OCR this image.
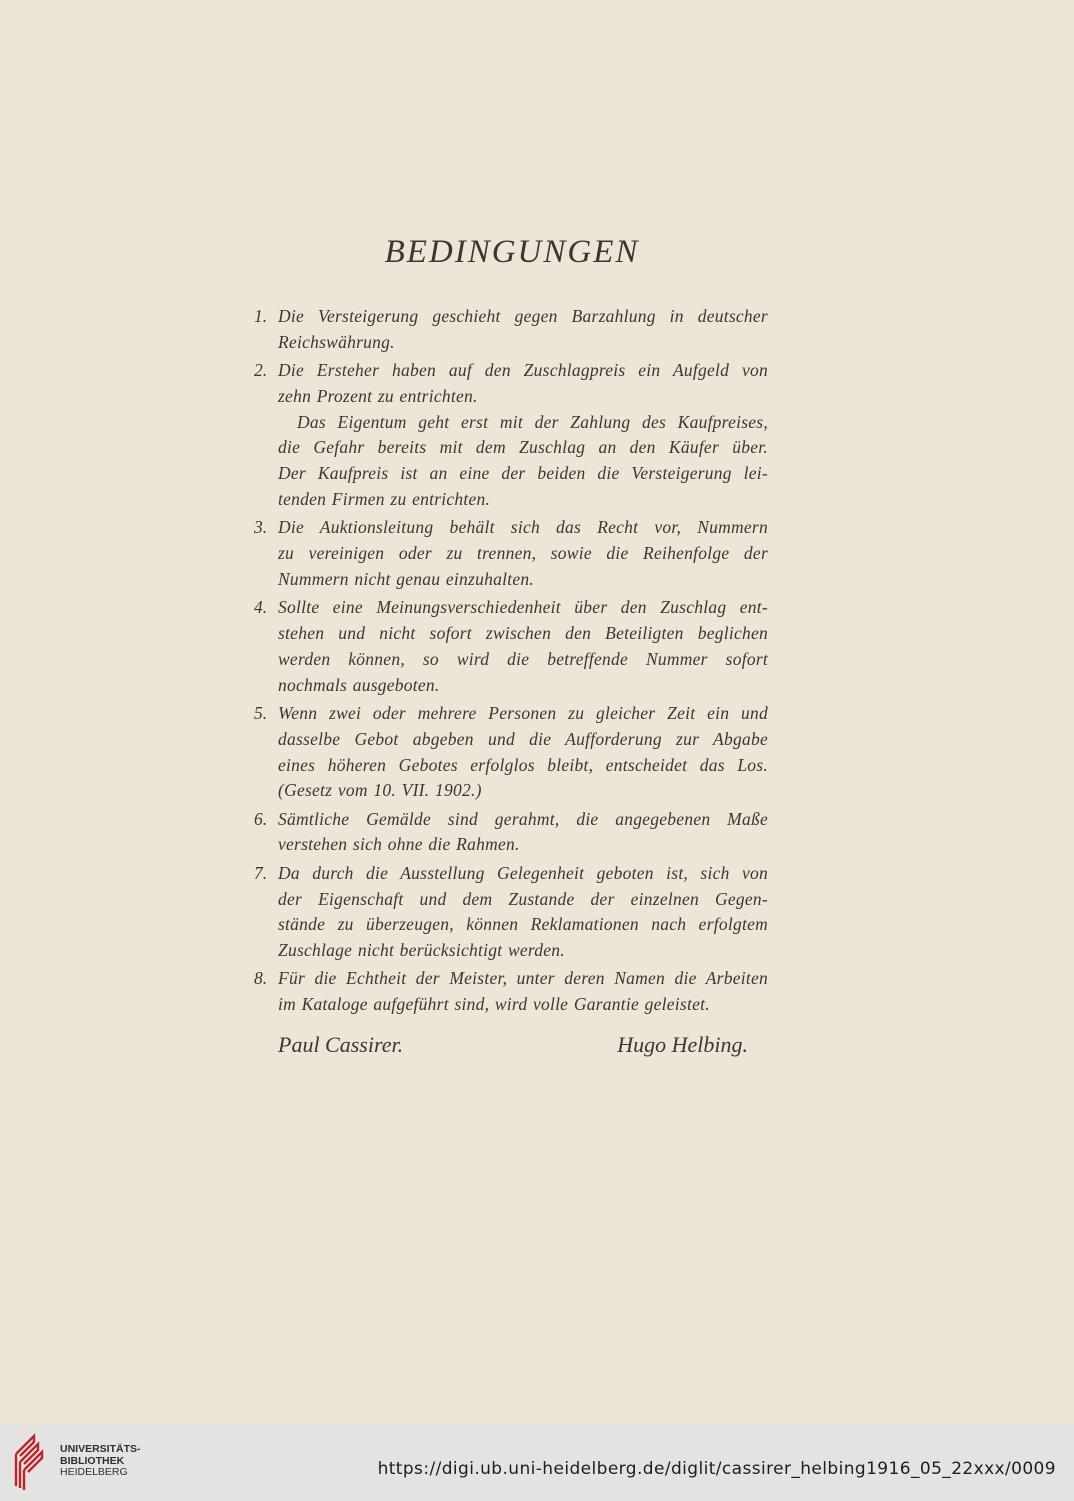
BEDINGUNGEN
1. Die Versteigerung geschieht gegen Barzahlung in deutscher
Reichswährung.
2. Die Ersteher haben auf den Zuschlagpreis ein Aufgeld von
zehn Prozent zu entrichten.
Das Eigentum geht erst mit der Zahlung des Kaufpreises,
die Gefahr bereits mit dem Zuschlag an den Käufer über.
Der Kaufpreis ist an eine der beiden die Versteigerung lei-
tenden Firmen zu entrichten.
3. Die Auktionsleitung behält sich das Recht vor, Nummern
zu vereinigen oder zu trennen, sowie die Reihenfolge der
Nummern nicht genau einzuhalten.
4. Sollte eine Meinungsverschiedenheit über den Zuschlag ent-
stehen und nicht sofort zwischen den Beteiligten beglichen
werden können, so wird die betreffende Nummer sofort
nochmals ausgeboten.
5. Wenn zwei oder mehrere Personen zu gleicher Zeit ein und
dasselbe Gebot abgeben und die Aufforderung zur Abgabe
eines höheren Gebotes erfolglos bleibt, entscheidet das Los.
(Gesetz vom 10. VII. 1902.)
6. Sämtliche Gemälde sind gerahmt, die angegebenen Maße
verstehen sich ohne die Rahmen.
7. Da durch die Ausstellung Gelegenheit geboten ist, sich von
der Eigenschaft und dem Zustande der einzelnen Gegen-
stände zu überzeugen, können Reklamationen nach erfolgtem
Zuschlage nicht berücksichtigt werden.
8. Für die Echtheit der Meister, unter deren Namen die Arbeiten
im Kataloge aufgeführt sind, wird volle Garantie geleistet.
Paul Cassirer.	Hugo Helbing.
UNIVERSITÄTS-
BIBLIOTHEK
HEIDELBERG	https://digi.ub.uni-heidelberg.de/diglit/cassirer_helbing1916_05_22xxx/0009
